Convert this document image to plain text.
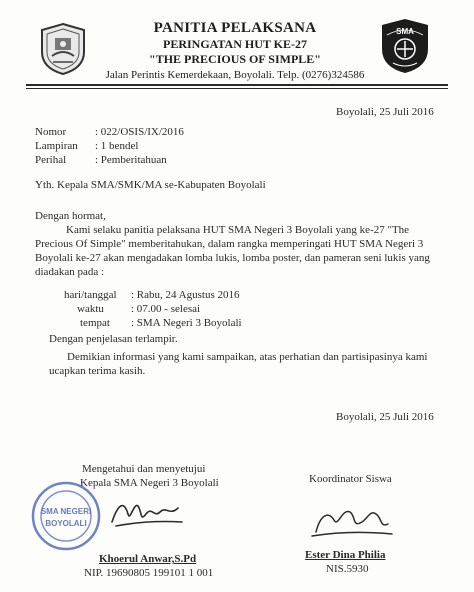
PANITIA PELAKSANA
PERINGATAN HUT KE-27
"THE PRECIOUS OF SIMPLE"
Jalan Perintis Kemerdekaan, Boyolali. Telp. (0276)324586
SMA
Boyolali, 25 Juli 2016
Nomor	: 022/OSIS/IX/2016
Lampiran : 1 bendel
Perihal	: Pemberitahuan
Yth. Kepala SMA/SMK/MA se-Kabupaten Boyolali
Dengan hormat,
Kami selaku panitia pelaksana HUT SMA Negeri 3 Boyolali yang ke-27 "The
Precious Of Simple" memberitahukan, dalam rangka memperingati HUT SMA Negeri 3
Boyolali ke-27 akan mengadakan lomba lukis, lomba poster, dan pameran seni lukis yang
diadakan pada :
hari/tanggal : Rabu, 24 Agustus 2016
waktu : 07.00 - selesai
tempat : SMA Negeri 3 Boyolali
Dengan penjelasan terlampir.
Demikian informasi yang kami sampaikan, atas perhatian dan partisipasinya kami
ucapkan terima kasih.
Boyolali, 25 Juli 2016
Mengetahui dan menyetujui
Kepala SMA Negeri 3 Boyolali
SMA NEGERI
BOYOLALI
Khoerul Anwar,S.Pd
NIP. 19690805 199101 1 001
Koordinator Siswa
Ester Dina Philia
NIS.5930
